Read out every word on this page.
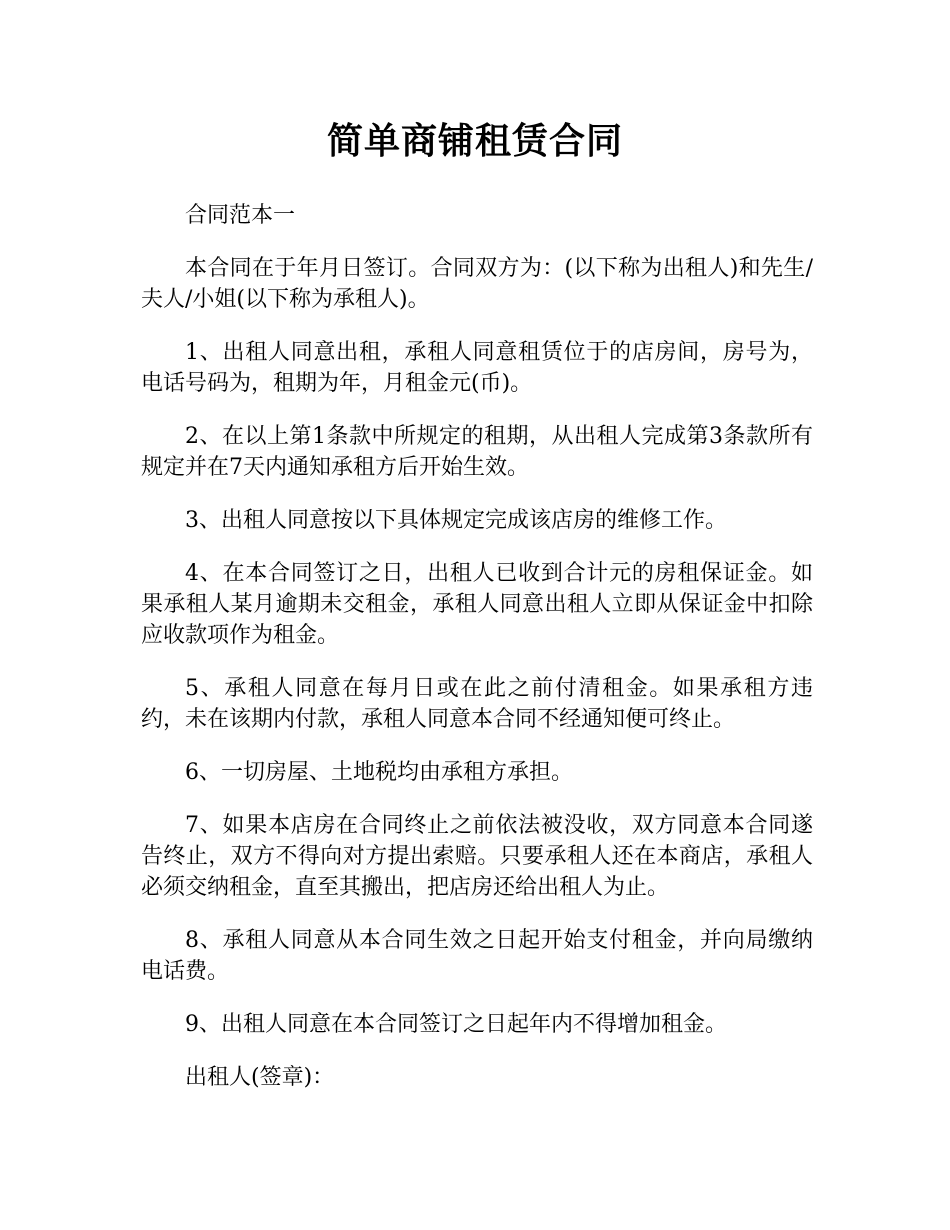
简单商铺租赁合同

合同范本一

本合同在于年月日签订。合同双方为：(以下称为出租人)和先生/夫人/小姐(以下称为承租人)。

1、出租人同意出租，承租人同意租赁位于的店房间，房号为，电话号码为，租期为年，月租金元(币)。

2、在以上第1条款中所规定的租期，从出租人完成第3条款所有规定并在7天内通知承租方后开始生效。

3、出租人同意按以下具体规定完成该店房的维修工作。

4、在本合同签订之日，出租人已收到合计元的房租保证金。如果承租人某月逾期未交租金，承租人同意出租人立即从保证金中扣除应收款项作为租金。

5、承租人同意在每月日或在此之前付清租金。如果承租方违约，未在该期内付款，承租人同意本合同不经通知便可终止。

6、一切房屋、土地税均由承租方承担。

7、如果本店房在合同终止之前依法被没收，双方同意本合同遂告终止，双方不得向对方提出索赔。只要承租人还在本商店，承租人必须交纳租金，直至其搬出，把店房还给出租人为止。

8、承租人同意从本合同生效之日起开始支付租金，并向局缴纳电话费。

9、出租人同意在本合同签订之日起年内不得增加租金。

出租人(签章)：
